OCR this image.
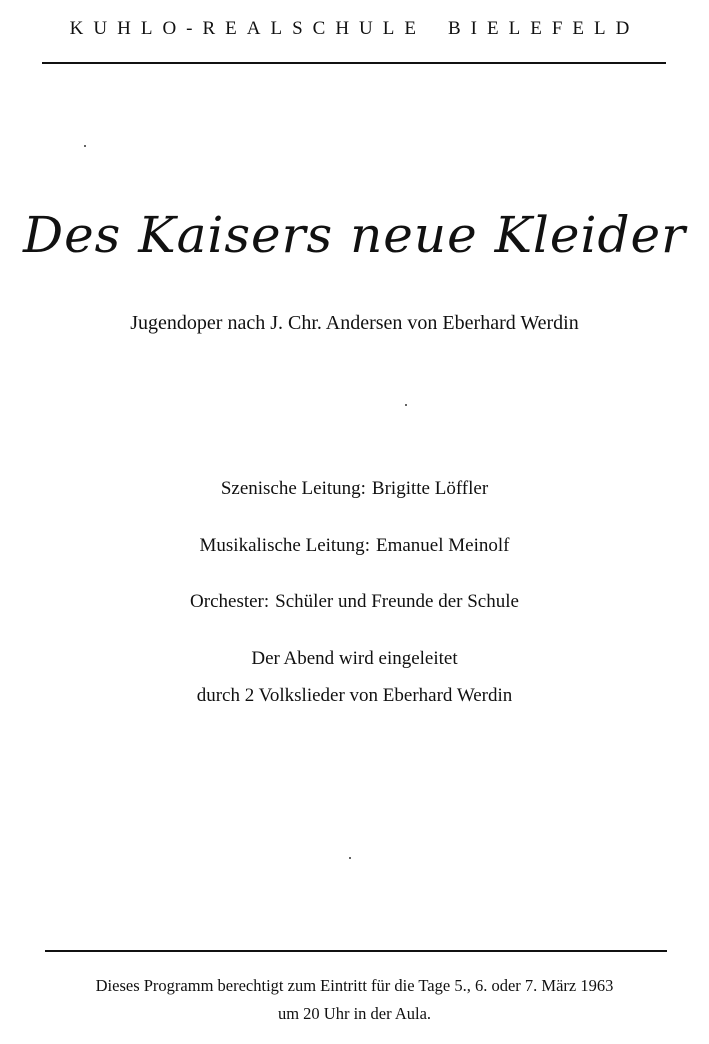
KUHLO-REALSCHULE BIELEFELD
Des Kaisers neue Kleider
Jugendoper nach J. Chr. Andersen von Eberhard Werdin
Szenische Leitung: Brigitte Löffler
Musikalische Leitung: Emanuel Meinolf
Orchester: Schüler und Freunde der Schule
Der Abend wird eingeleitet
durch 2 Volkslieder von Eberhard Werdin
Dieses Programm berechtigt zum Eintritt für die Tage 5., 6. oder 7. März 1963
um 20 Uhr in der Aula.
